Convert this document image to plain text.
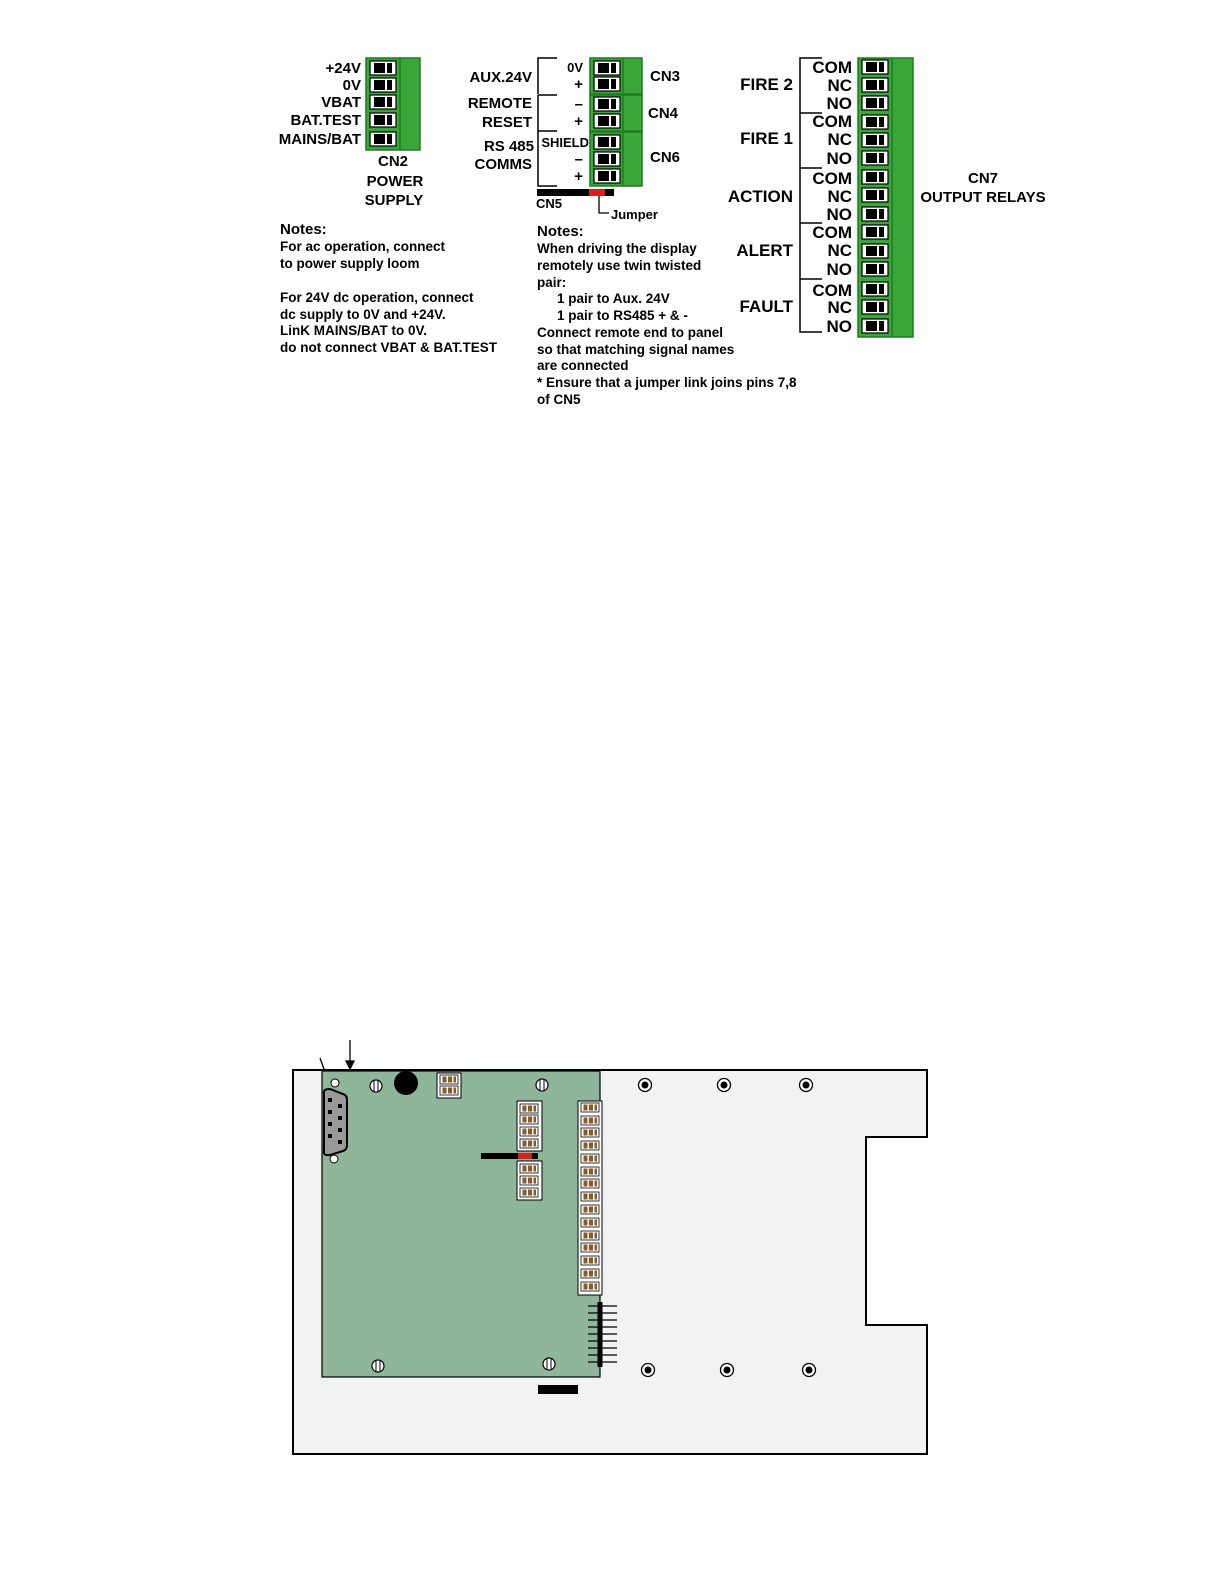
+24V
0V
VBAT
BAT.TEST
MAINS/BAT
CN2
POWER
SUPPLY
AUX.24V
REMOTE
RESET
RS 485
COMMS
0V
+
–
+
SHIELD
–
+
CN3
CN4
CN6
CN5
Jumper
FIRE 2
FIRE 1
ACTION
ALERT
FAULT
COM
NC
NO
COM
NC
NO
COM
NC
NO
COM
NC
NO
COM
NC
NO
CN7
OUTPUT RELAYS
Notes:
For ac operation, connect
to power supply loom
For 24V dc operation, connect
dc supply to 0V and +24V.
LinK MAINS/BAT to 0V.
do not connect VBAT & BAT.TEST
Notes:
When driving the display
remotely use twin twisted
pair:
1 pair to Aux. 24V
1 pair to RS485 + & -
Connect remote end to panel
so that matching signal names
are connected
* Ensure that a jumper link joins pins 7,8
of CN5
